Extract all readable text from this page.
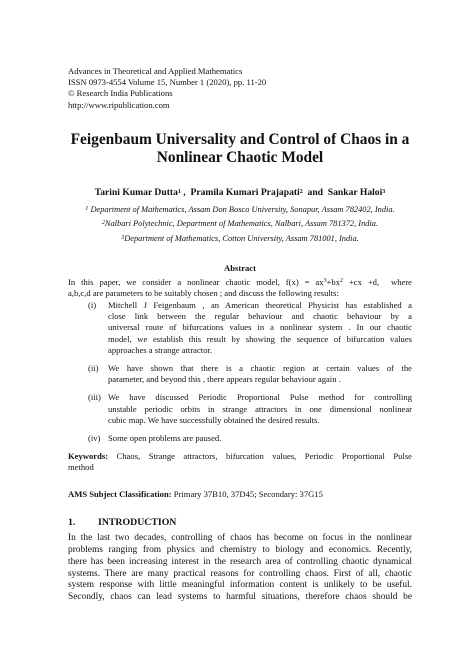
Advances in Theoretical and Applied Mathematics
ISSN 0973-4554 Volume 15, Number 1 (2020), pp. 11-20
© Research India Publications
http://www.ripublication.com
Feigenbaum Universality and Control of Chaos in a
Nonlinear Chaotic Model
Tarini Kumar Dutta$^1$ ,  Pramila Kumari Prajapati$^2$  and  Sankar Haloi$^3$
$^1$ Department of Mathematics, Assam Don Bosco University, Sonapur, Assam 782402, India.
$^2$Nalbari Polytechnic, Department of Mathematics, Nalbari, Assam 781372, India.
$^3$Department of Mathematics, Cotton University, Assam 781001, India.
Abstract
In this paper, we consider a nonlinear chaotic model, $f(x) = ax^3+bx^2 +cx +d$,  where
a,b,c,d are parameters to be suitably chosen ; and discuss the following results:
(i) Mitchell J Feigenbaum , an American theoretical Physicist has established a
close link between the regular behaviour and chaotic behaviour by a
universal route of bifurcations values in a nonlinear system . In our chaotic
model, we establish this result by showing the sequence of bifurcation values
approaches a strange attractor.
(ii) We have shown that there is a chaotic region at certain values of the
parameter, and beyond this , there appears regular behaviour again .
(iii) We have discussed Periodic Proportional Pulse method for controlling
unstable periodic orbits in strange attractors in one dimensional nonlinear
cubic map. We have successfully obtained the desired results.
(iv) Some open problems are paused.
Keywords: Chaos, Strange attractors, bifurcation values, Periodic Proportional Pulse
method
AMS Subject Classification: Primary 37B10, 37D45; Secondary: 37G15
1. INTRODUCTION
In the last two decades, controlling of chaos has become on focus in the nonlinear
problems ranging from physics and chemistry to biology and economics. Recently,
there has been increasing interest in the research area of controlling chaotic dynamical
systems. There are many practical reasons for controlling chaos. First of all, chaotic
system response with little meaningful information content is unlikely to be useful.
Secondly, chaos can lead systems to harmful situations, therefore chaos should be
